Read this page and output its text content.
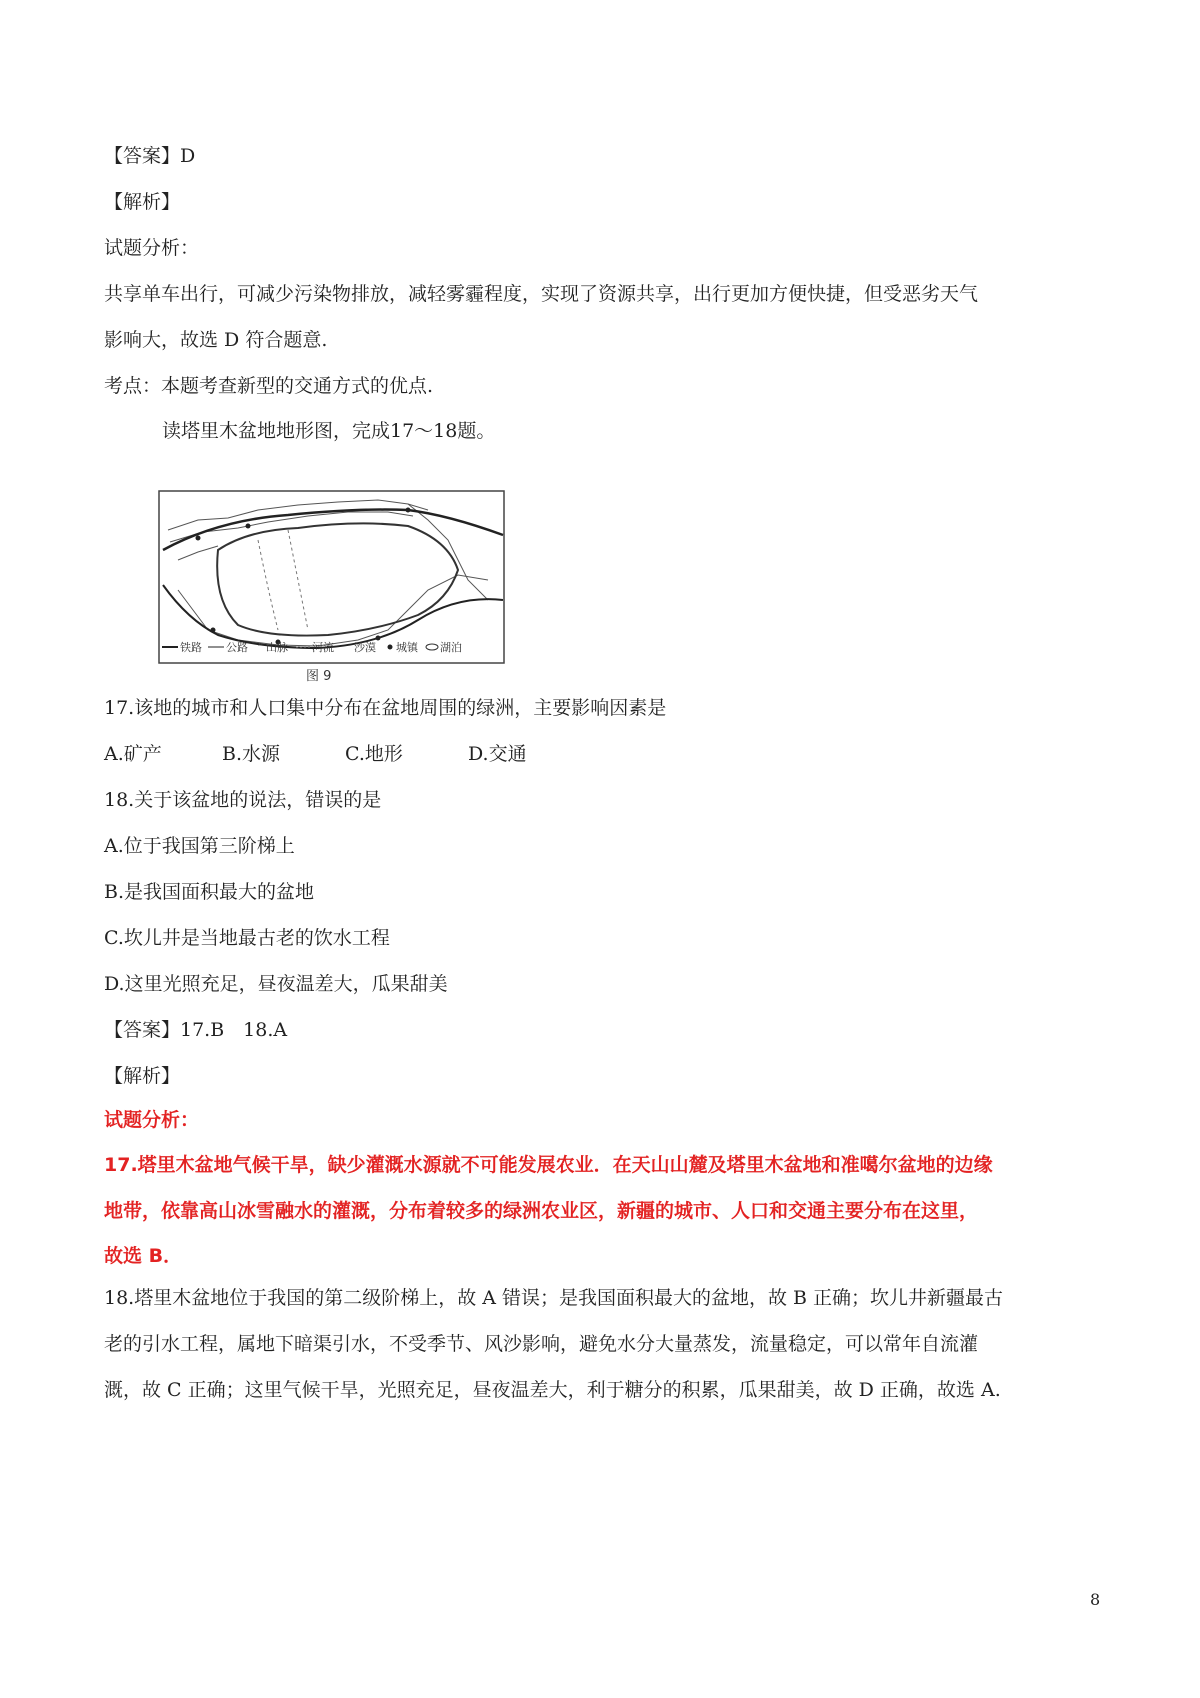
【答案】D
【解析】
试题分析：
共享单车出行，可减少污染物排放，减轻雾霾程度，实现了资源共享，出行更加方便快捷，但受恶劣天气
影响大，故选 D 符合题意.
考点：本题考查新型的交通方式的优点.
读塔里木盆地地形图，完成17～18题。
铁路 公路 ⌃ 山脉 河流 沙漠 城镇 湖泊
图 9
17.该地的城市和人口集中分布在盆地周围的绿洲，主要影响因素是
A.矿产	B.水源	C.地形	D.交通
18.关于该盆地的说法，错误的是
A.位于我国第三阶梯上
B.是我国面积最大的盆地
C.坎儿井是当地最古老的饮水工程
D.这里光照充足，昼夜温差大，瓜果甜美
【答案】17.B　18.A
【解析】
试题分析：
17.塔里木盆地气候干旱，缺少灌溉水源就不可能发展农业．在天山山麓及塔里木盆地和准噶尔盆地的边缘
地带，依靠高山冰雪融水的灌溉，分布着较多的绿洲农业区，新疆的城市、人口和交通主要分布在这里，
故选 B．
18.塔里木盆地位于我国的第二级阶梯上，故 A 错误；是我国面积最大的盆地，故 B 正确；坎儿井新疆最古
老的引水工程，属地下暗渠引水，不受季节、风沙影响，避免水分大量蒸发，流量稳定，可以常年自流灌
溉，故 C 正确；这里气候干旱，光照充足，昼夜温差大，利于糖分的积累，瓜果甜美，故 D 正确，故选 A.
8
